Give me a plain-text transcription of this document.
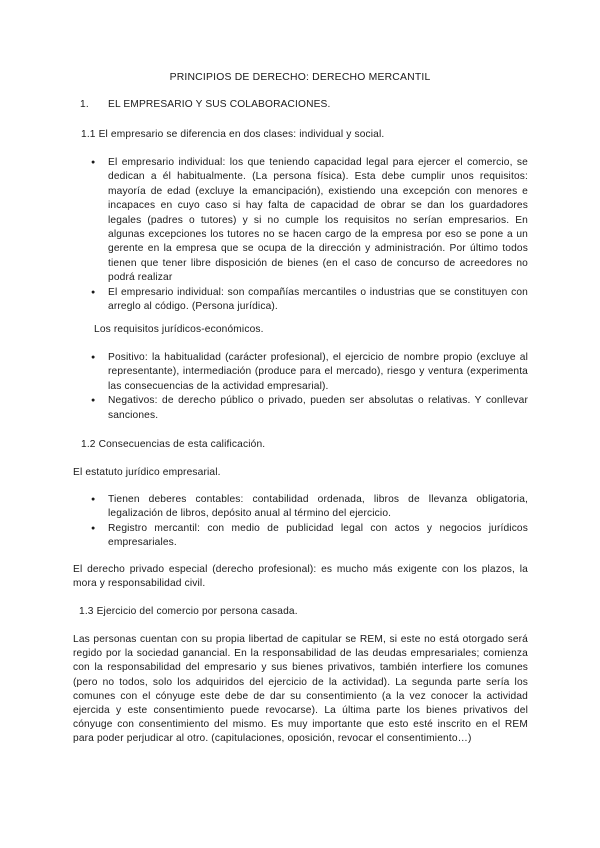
PRINCIPIOS DE DERECHO: DERECHO MERCANTIL
1. EL EMPRESARIO Y SUS COLABORACIONES.
1.1 El empresario se diferencia en dos clases: individual y social.
● El empresario individual: los que teniendo capacidad legal para ejercer el comercio, se dedican a él habitualmente. (La persona física). Esta debe cumplir unos requisitos: mayoría de edad (excluye la emancipación), existiendo una excepción con menores e incapaces en cuyo caso si hay falta de capacidad de obrar se dan los guardadores legales (padres o tutores) y si no cumple los requisitos no serían empresarios. En algunas excepciones los tutores no se hacen cargo de la empresa por eso se pone a un gerente en la empresa que se ocupa de la dirección y administración. Por último todos tienen que tener libre disposición de bienes (en el caso de concurso de acreedores no podrá realizar
● El empresario individual: son compañías mercantiles o industrias que se constituyen con arreglo al código. (Persona jurídica).
Los requisitos jurídicos-económicos.
● Positivo: la habitualidad (carácter profesional), el ejercicio de nombre propio (excluye al representante), intermediación (produce para el mercado), riesgo y ventura (experimenta las consecuencias de la actividad empresarial).
● Negativos: de derecho público o privado, pueden ser absolutas o relativas. Y conllevar sanciones.
1.2 Consecuencias de esta calificación.
El estatuto jurídico empresarial.
● Tienen deberes contables: contabilidad ordenada, libros de llevanza obligatoria, legalización de libros, depósito anual al término del ejercicio.
● Registro mercantil: con medio de publicidad legal con actos y negocios jurídicos empresariales.
El derecho privado especial (derecho profesional): es mucho más exigente con los plazos, la mora y responsabilidad civil.
1.3 Ejercicio del comercio por persona casada.
Las personas cuentan con su propia libertad de capitular se REM, si este no está otorgado será regido por la sociedad ganancial. En la responsabilidad de las deudas empresariales; comienza con la responsabilidad del empresario y sus bienes privativos, también interfiere los comunes (pero no todos, solo los adquiridos del ejercicio de la actividad). La segunda parte sería los comunes con el cónyuge este debe de dar su consentimiento (a la vez conocer la actividad ejercida y este consentimiento puede revocarse). La última parte los bienes privativos del cónyuge con consentimiento del mismo. Es muy importante que esto esté inscrito en el REM para poder perjudicar al otro. (capitulaciones, oposición, revocar el consentimiento…)
